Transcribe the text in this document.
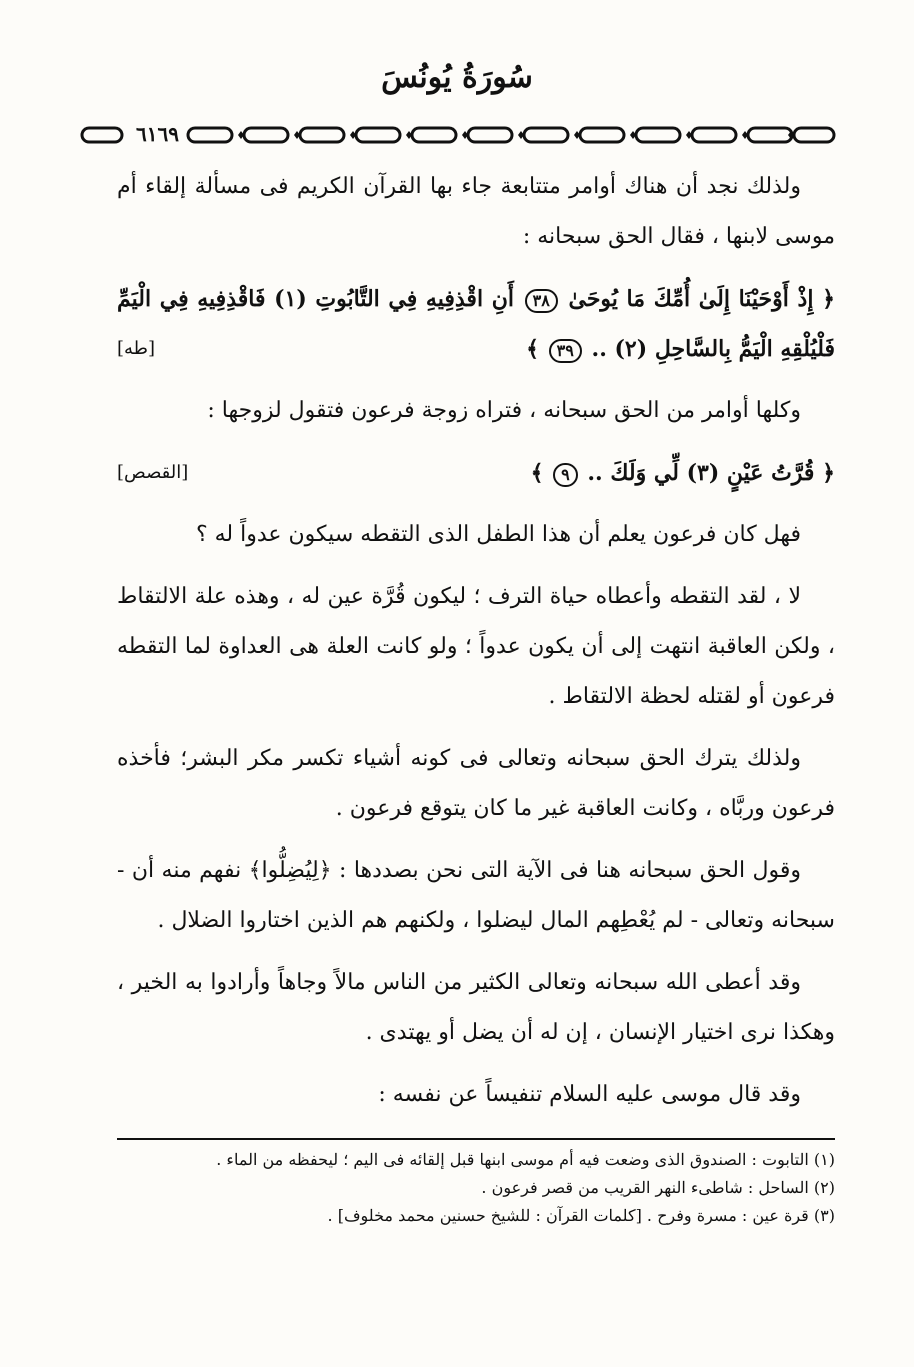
سُورَةُ يُونُسَ
٦١٦٩

ولذلك نجد أن هناك أوامر متتابعة جاء بها القرآن الكريم فى مسألة إلقاء أم موسى لابنها ، فقال الحق سبحانه :

﴿ إِذْ أَوْحَيْنَا إِلَىٰ أُمِّكَ مَا يُوحَىٰ ٣٨ أَنِ اقْذِفِيهِ فِي التَّابُوتِ (١) فَاقْذِفِيهِ فِي الْيَمِّ فَلْيُلْقِهِ الْيَمُّ بِالسَّاحِلِ (٢) .. ٣٩ ﴾
[طه]

وكلها أوامر من الحق سبحانه ، فتراه زوجة فرعون فتقول لزوجها :

﴿ قُرَّتُ عَيْنٍ (٣) لِّي وَلَكَ .. ٩ ﴾
[القصص]

فهل كان فرعون يعلم أن هذا الطفل الذى التقطه سيكون عدواً له ؟

لا ، لقد التقطه وأعطاه حياة الترف ؛ ليكون قُرَّة عين له ، وهذه علة الالتقاط ، ولكن العاقبة انتهت إلى أن يكون عدواً ؛ ولو كانت العلة هى العداوة لما التقطه فرعون أو لقتله لحظة الالتقاط .

ولذلك يترك الحق سبحانه وتعالى فى كونه أشياء تكسر مكر البشر؛ فأخذه فرعون وربَّاه ، وكانت العاقبة غير ما كان يتوقع فرعون .

وقول الحق سبحانه هنا فى الآية التى نحن بصددها : ﴿لِيُضِلُّوا﴾ نفهم منه أن - سبحانه وتعالى - لم يُعْطِهم المال ليضلوا ، ولكنهم هم الذين اختاروا الضلال .

وقد أعطى الله سبحانه وتعالى الكثير من الناس مالاً وجاهاً وأرادوا به الخير ، وهكذا نرى اختيار الإنسان ، إن له أن يضل أو يهتدى .

وقد قال موسى عليه السلام تنفيساً عن نفسه :

(١) التابوت : الصندوق الذى وضعت فيه أم موسى ابنها قبل إلقائه فى اليم ؛ ليحفظه من الماء .

(٢) الساحل : شاطىء النهر القريب من قصر فرعون .

(٣) قرة عين : مسرة وفرح . [كلمات القرآن : للشيخ حسنين محمد مخلوف] .
